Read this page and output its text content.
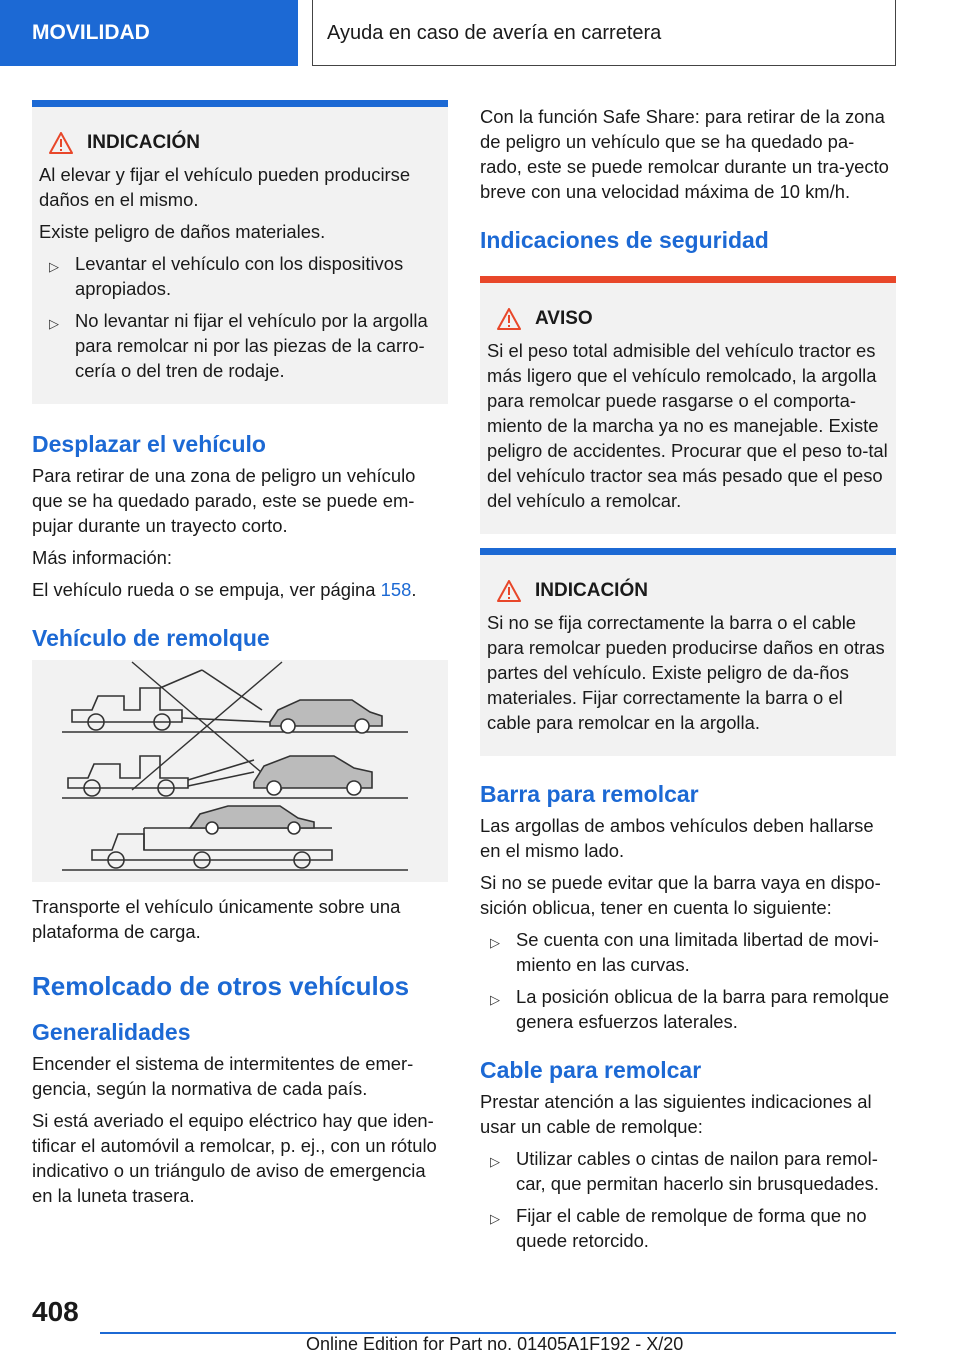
MOVILIDAD	Ayuda en caso de avería en carretera
INDICACIÓN

Al elevar y fijar el vehículo pueden producirse daños en el mismo.

Existe peligro de daños materiales.

▷ Levantar el vehículo con los dispositivos apropiados.
▷ No levantar ni fijar el vehículo por la argolla para remolcar ni por las piezas de la carro-cería o del tren de rodaje.
Desplazar el vehículo

Para retirar de una zona de peligro un vehículo que se ha quedado parado, este se puede em-pujar durante un trayecto corto.

Más información:

El vehículo rueda o se empuja, ver página 158.

Vehículo de remolque

Transporte el vehículo únicamente sobre una plataforma de carga.

Remolcado de otros vehículos
Generalidades

Encender el sistema de intermitentes de emer-gencia, según la normativa de cada país.

Si está averiado el equipo eléctrico hay que iden-tificar el automóvil a remolcar, p. ej., con un rótulo indicativo o un triángulo de aviso de emergencia en la luneta trasera.

Con la función Safe Share: para retirar de la zona de peligro un vehículo que se ha quedado pa-rado, este se puede remolcar durante un tra-yecto breve con una velocidad máxima de 10 km/h.

Indicaciones de seguridad
AVISO

Si el peso total admisible del vehículo tractor es más ligero que el vehículo remolcado, la argolla para remolcar puede rasgarse o el comporta-miento de la marcha ya no es manejable. Existe peligro de accidentes. Procurar que el peso to-tal del vehículo tractor sea más pesado que el peso del vehículo a remolcar.

INDICACIÓN

Si no se fija correctamente la barra o el cable para remolcar pueden producirse daños en otras partes del vehículo. Existe peligro de da-ños materiales. Fijar correctamente la barra o el cable para remolcar en la argolla.

Barra para remolcar

Las argollas de ambos vehículos deben hallarse en el mismo lado.

Si no se puede evitar que la barra vaya en dispo-sición oblicua, tener en cuenta lo siguiente:

▷ Se cuenta con una limitada libertad de movi-miento en las curvas.
▷ La posición oblicua de la barra para remolque genera esfuerzos laterales.
Cable para remolcar

Prestar atención a las siguientes indicaciones al usar un cable de remolque:

▷ Utilizar cables o cintas de nailon para remol-car, que permitan hacerlo sin brusquedades.
▷ Fijar el cable de remolque de forma que no quede retorcido.
408
Online Edition for Part no. 01405A1F192 - X/20
